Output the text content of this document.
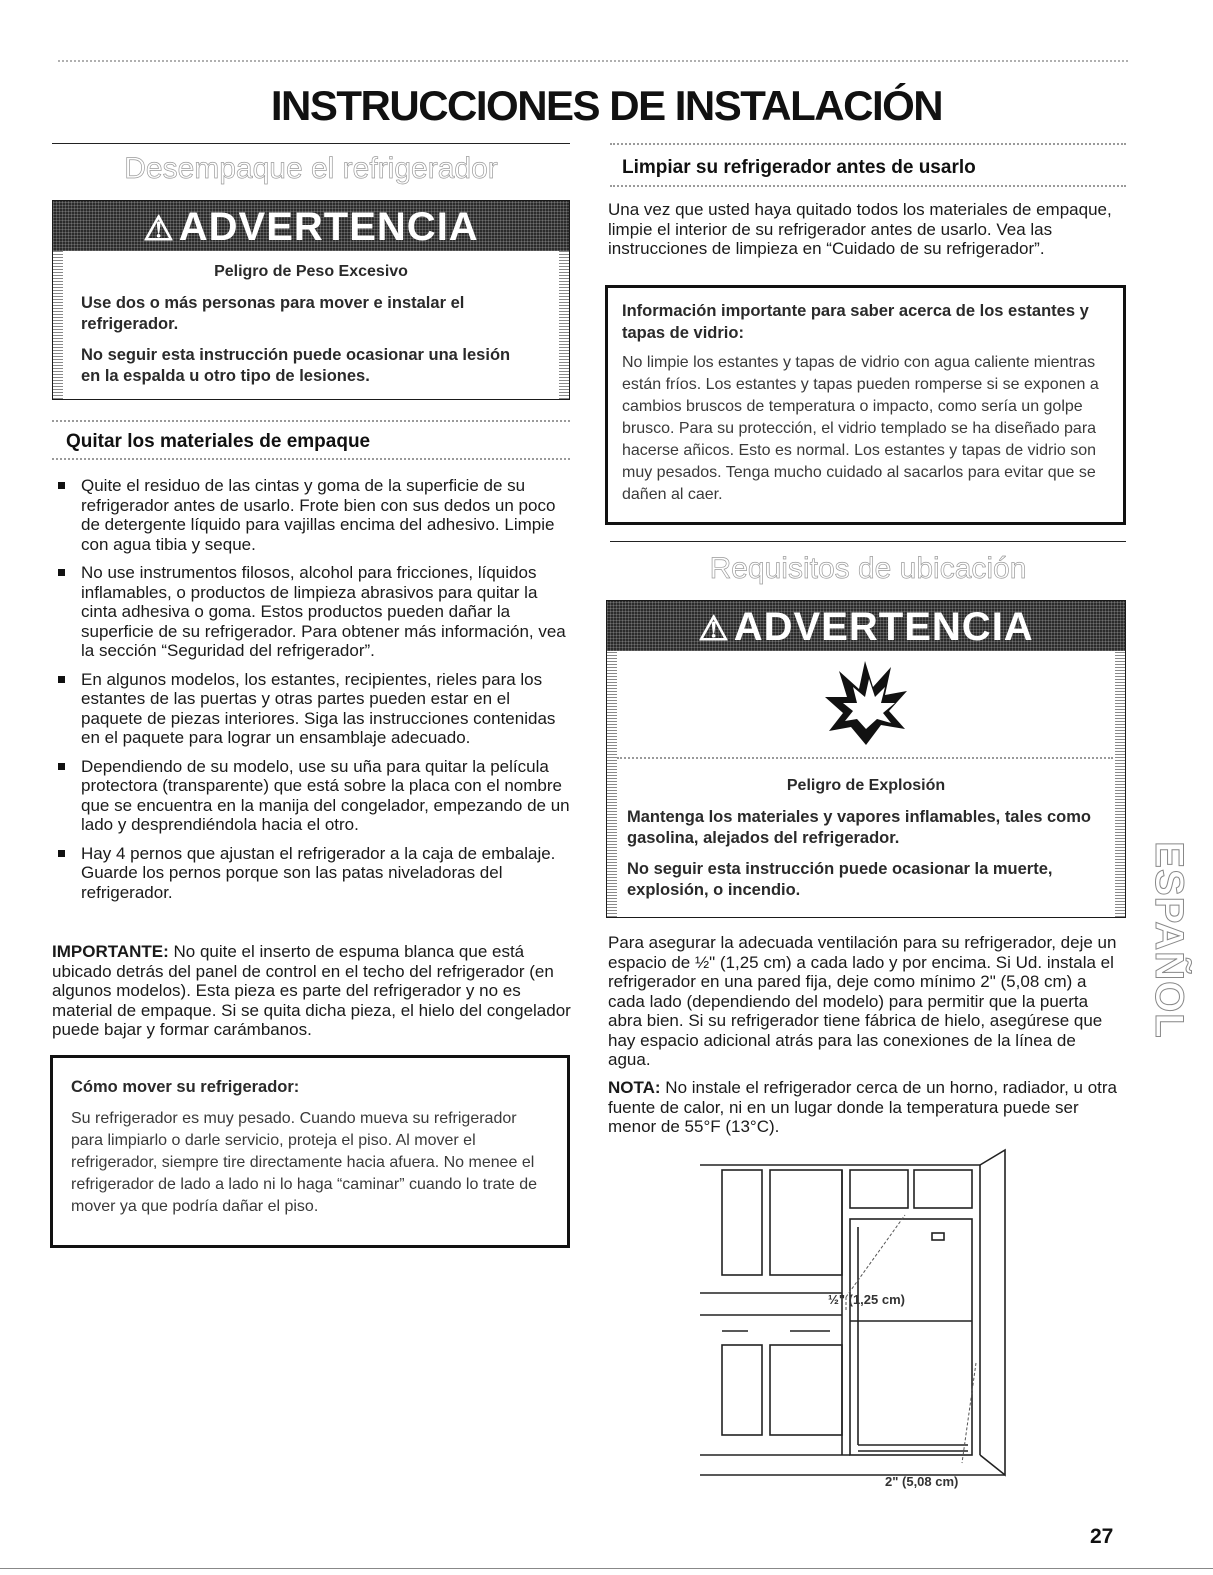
INSTRUCCIONES DE INSTALACIÓN
Desempaque el refrigerador
⚠ ADVERTENCIA
Peligro de Peso Excesivo
Use dos o más personas para mover e instalar el refrigerador.
No seguir esta instrucción puede ocasionar una lesión en la espalda u otro tipo de lesiones.
Quitar los materiales de empaque
Quite el residuo de las cintas y goma de la superficie de su refrigerador antes de usarlo. Frote bien con sus dedos un poco de detergente líquido para vajillas encima del adhesivo. Limpie con agua tibia y seque.
No use instrumentos filosos, alcohol para fricciones, líquidos inflamables, o productos de limpieza abrasivos para quitar la cinta adhesiva o goma. Estos productos pueden dañar la superficie de su refrigerador. Para obtener más información, vea la sección “Seguridad del refrigerador”.
En algunos modelos, los estantes, recipientes, rieles para los estantes de las puertas y otras partes pueden estar en el paquete de piezas interiores. Siga las instrucciones contenidas en el paquete para lograr un ensamblaje adecuado.
Dependiendo de su modelo, use su uña para quitar la película protectora (transparente) que está sobre la placa con el nombre que se encuentra en la manija del congelador, empezando de un lado y desprendiéndola hacia el otro.
Hay 4 pernos que ajustan el refrigerador a la caja de embalaje. Guarde los pernos porque son las patas niveladoras del refrigerador.
IMPORTANTE: No quite el inserto de espuma blanca que está ubicado detrás del panel de control en el techo del refrigerador (en algunos modelos). Esta pieza es parte del refrigerador y no es material de empaque. Si se quita dicha pieza, el hielo del congelador puede bajar y formar carámbanos.
Cómo mover su refrigerador:
Su refrigerador es muy pesado. Cuando mueva su refrigerador para limpiarlo o darle servicio, proteja el piso. Al mover el refrigerador, siempre tire directamente hacia afuera. No menee el refrigerador de lado a lado ni lo haga “caminar” cuando lo trate de mover ya que podría dañar el piso.
Limpiar su refrigerador antes de usarlo
Una vez que usted haya quitado todos los materiales de empaque, limpie el interior de su refrigerador antes de usarlo. Vea las instrucciones de limpieza en “Cuidado de su refrigerador”.
Información importante para saber acerca de los estantes y tapas de vidrio:
No limpie los estantes y tapas de vidrio con agua caliente mientras están fríos. Los estantes y tapas pueden romperse si se exponen a cambios bruscos de temperatura o impacto, como sería un golpe brusco. Para su protección, el vidrio templado se ha diseñado para hacerse añicos. Esto es normal. Los estantes y tapas de vidrio son muy pesados. Tenga mucho cuidado al sacarlos para evitar que se dañen al caer.
Requisitos de ubicación
⚠ ADVERTENCIA
Peligro de Explosión
Mantenga los materiales y vapores inflamables, tales como gasolina, alejados del refrigerador.
No seguir esta instrucción puede ocasionar la muerte, explosión, o incendio.
Para asegurar la adecuada ventilación para su refrigerador, deje un espacio de ½" (1,25 cm) a cada lado y por encima. Si Ud. instala el refrigerador en una pared fija, deje como mínimo 2" (5,08 cm) a cada lado (dependiendo del modelo) para permitir que la puerta abra bien. Si su refrigerador tiene fábrica de hielo, asegúrese que hay espacio adicional atrás para las conexiones de la línea de agua.
NOTA: No instale el refrigerador cerca de un horno, radiador, u otra fuente de calor, ni en un lugar donde la temperatura puede ser menor de 55°F (13°C).
½" (1,25 cm)
2" (5,08 cm)
ESPAÑOL
27
